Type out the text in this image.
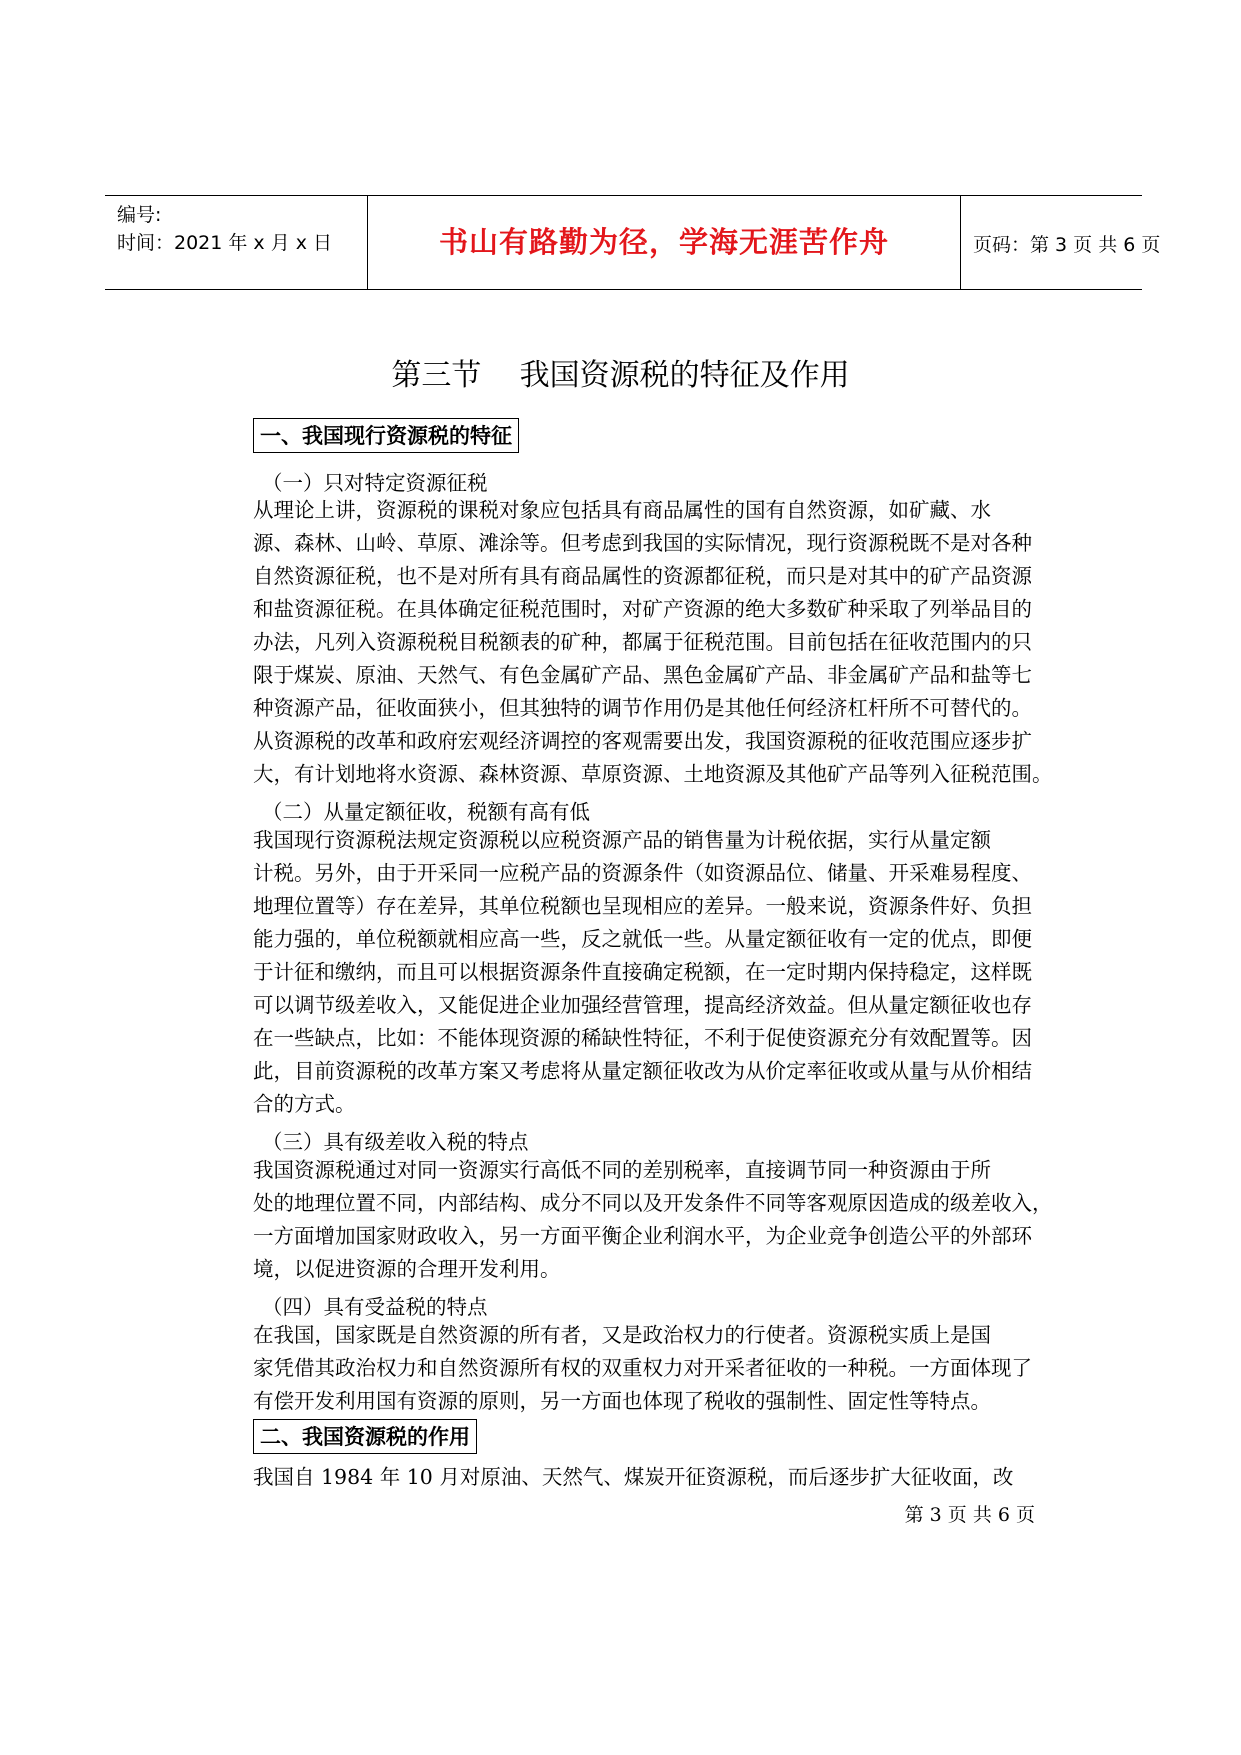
编号:
时间：2021 年 x 月 x 日	书山有路勤为径，学海无涯苦作舟	页码：第 3 页 共 6 页
第三节    我国资源税的特征及作用
一、我国现行资源税的特征
（一）只对特定资源征税
从理论上讲，资源税的课税对象应包括具有商品属性的国有自然资源，如矿藏、水
源、森林、山岭、草原、滩涂等。但考虑到我国的实际情况，现行资源税既不是对各种
自然资源征税，也不是对所有具有商品属性的资源都征税，而只是对其中的矿产品资源
和盐资源征税。在具体确定征税范围时，对矿产资源的绝大多数矿种采取了列举品目的
办法，凡列入资源税税目税额表的矿种，都属于征税范围。目前包括在征收范围内的只
限于煤炭、原油、天然气、有色金属矿产品、黑色金属矿产品、非金属矿产品和盐等七
种资源产品，征收面狭小，但其独特的调节作用仍是其他任何经济杠杆所不可替代的。
从资源税的改革和政府宏观经济调控的客观需要出发，我国资源税的征收范围应逐步扩
大，有计划地将水资源、森林资源、草原资源、土地资源及其他矿产品等列入征税范围。
（二）从量定额征收，税额有高有低
我国现行资源税法规定资源税以应税资源产品的销售量为计税依据，实行从量定额
计税。另外，由于开采同一应税产品的资源条件（如资源品位、储量、开采难易程度、
地理位置等）存在差异，其单位税额也呈现相应的差异。一般来说，资源条件好、负担
能力强的，单位税额就相应高一些，反之就低一些。从量定额征收有一定的优点，即便
于计征和缴纳，而且可以根据资源条件直接确定税额，在一定时期内保持稳定，这样既
可以调节级差收入，又能促进企业加强经营管理，提高经济效益。但从量定额征收也存
在一些缺点，比如：不能体现资源的稀缺性特征，不利于促使资源充分有效配置等。因
此，目前资源税的改革方案又考虑将从量定额征收改为从价定率征收或从量与从价相结
合的方式。
（三）具有级差收入税的特点
我国资源税通过对同一资源实行高低不同的差别税率，直接调节同一种资源由于所
处的地理位置不同，内部结构、成分不同以及开发条件不同等客观原因造成的级差收入，
一方面增加国家财政收入，另一方面平衡企业利润水平，为企业竞争创造公平的外部环
境，以促进资源的合理开发利用。
（四）具有受益税的特点
在我国，国家既是自然资源的所有者，又是政治权力的行使者。资源税实质上是国
家凭借其政治权力和自然资源所有权的双重权力对开采者征收的一种税。一方面体现了
有偿开发利用国有资源的原则，另一方面也体现了税收的强制性、固定性等特点。
二、我国资源税的作用
我国自 1984 年 10 月对原油、天然气、煤炭开征资源税，而后逐步扩大征收面，改
第 3 页 共 6 页
